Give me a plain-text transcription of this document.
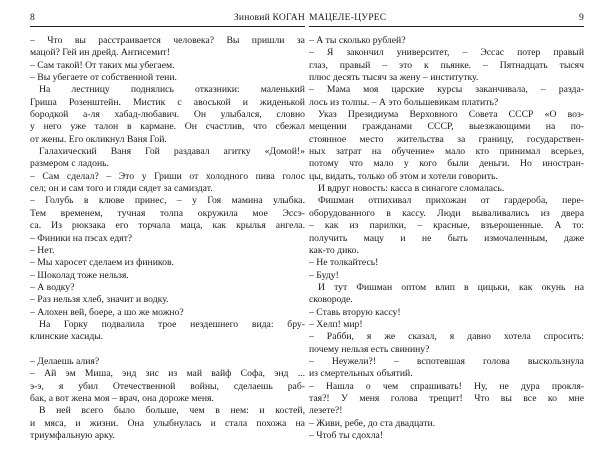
8	Зиновий КОГАН
– Что вы расстраивается человека? Вы пришли за
мацой? Гей ин дрейд. Антисемит!
– Сам такой! От таких мы убегаем.
– Вы убегаете от собственной тени.
На лестницу поднялись отказники: маленький
Гриша Розенштейн. Мистик с авоськой и жиденькой
бородкой а-ля хабад-любавич. Он улыбался, словно
у него уже талон в кармане. Он счастлив, что сбежал
от жены. Его окликнул Ваня Гой.
Галахический Ваня Гой раздавал агитку «Домой!»
размером с ладонь.
– Сам сделал? – Это у Гриши от холодного пива голос
сел; он и сам того и гляди сядет за самиздат.
– Голубь в клюве принес, – у Гоя мамина улыбка.
Тем временем, тучная толпа окружила мое Эссэ-
са. Из рюкзака его торчала маца, как крылья ангела.
– Финики на пэсах едят?
– Нет.
– Мы харосет сделаем из фиников.
– Шоколад тоже нельзя.
– А водку?
– Раз нельзя хлеб, значит и водку.
– Алохен вей, боерe, а шо же можно?
На Горку подвалила трое нездешнего вида: бру-
клинские хасиды.
– Делаешь алия?
– Ай эм Миша, энд зис из май вайф Софа, энд ...
э-э, я убил Отечественной войны, сделаешь раб-
бак, а вот жена моя – врач, она дороже меня.
В ней всего было больше, чем в нем: и костей,
и мяса, и жизни. Она улыбнулась и стала похожа на
триумфальную арку.
МАЦЕЛЕ-ЦУРЕС	9
– А ты сколько рублей?
– Я закончил университет, – Эссас потер правый
глаз, правый – это к пьянке. – Пятнадцать тысяч
плюс десять тысяч за жену – институтку.
– Мама моя царские курсы заканчивала, – разда-
лось из толпы. – А это большевикам платить?
Указ Президиума Верховного Совета СССР «О воз-
мещении гражданами СССР, выезжающими на по-
стоянное место жительства за границу, государствен-
ных затрат на обучение» мало кто принимал всерьез,
потому что мало у кого были деньги. Но иностран-
цы, видать, только об этом и хотели говорить.
И вдруг новость: касса в синагоге сломалась.
Фишман отпихивал прихожан от гардероба, пере-
оборудованного в кассу. Люди вываливались из двера
– как из парилки, – красные, взъерошенные. А то:
получить мацу и не быть измочаленным, даже
как-то дико.
– Не толкайтесь!
– Буду!
И тут Фишман оптом влип в цицьки, как окунь на
сковороде.
– Ставь вторую кассу!
– Хелп! мир!
– Рабби, я же сказал, я давно хотела спросить:
почему нельзя есть свинину?
– Неужели?! – вспотевшая голова выскользнула
из смертельных объятий.
– Нашла о чем спрашивать! Ну, не дура прокля-
тая?! У меня голова трещит! Что вы все ко мне
лезете?!
– Живи, ребе, до ста двадцати.
– Чтоб ты сдохла!
